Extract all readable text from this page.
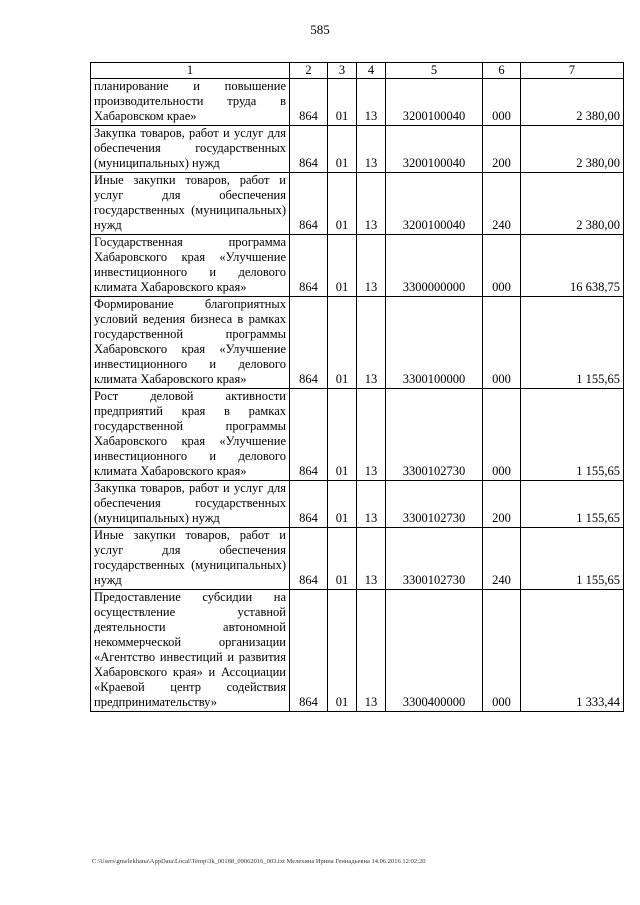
585
1	2	3	4	5	6	7
планирование и повышение производительности труда в Хабаровском крае»	864	01	13	3200100040	000	2 380,00
Закупка товаров, работ и услуг для обеспечения государственных (муниципальных) нужд	864	01	13	3200100040	200	2 380,00
Иные закупки товаров, работ и услуг для обеспечения государственных (муниципальных) нужд	864	01	13	3200100040	240	2 380,00
Государственная программа Хабаровского края «Улучшение инвестиционного и делового климата Хабаровского края»	864	01	13	3300000000	000	16 638,75
Формирование благоприятных условий ведения бизнеса в рамках государственной программы Хабаровского края «Улучшение инвестиционного и делового климата Хабаровского края»	864	01	13	3300100000	000	1 155,65
Рост деловой активности предприятий края в рамках государственной программы Хабаровского края «Улучшение инвестиционного и делового климата Хабаровского края»	864	01	13	3300102730	000	1 155,65
Закупка товаров, работ и услуг для обеспечения государственных (муниципальных) нужд	864	01	13	3300102730	200	1 155,65
Иные закупки товаров, работ и услуг для обеспечения государственных (муниципальных) нужд	864	01	13	3300102730	240	1 155,65
Предоставление субсидии на осуществление уставной деятельности автономной некоммерческой организации «Агентство инвестиций и развития Хабаровского края» и Ассоциации «Краевой центр содействия предпринимательству»	864	01	13	3300400000	000	1 333,44
C:\Users\gmelekhana\AppData\Local\Temp\3k_00188_09062016_003.txt Мелехина Ирина Геннадьевна 14.06.2016 12:02:20
